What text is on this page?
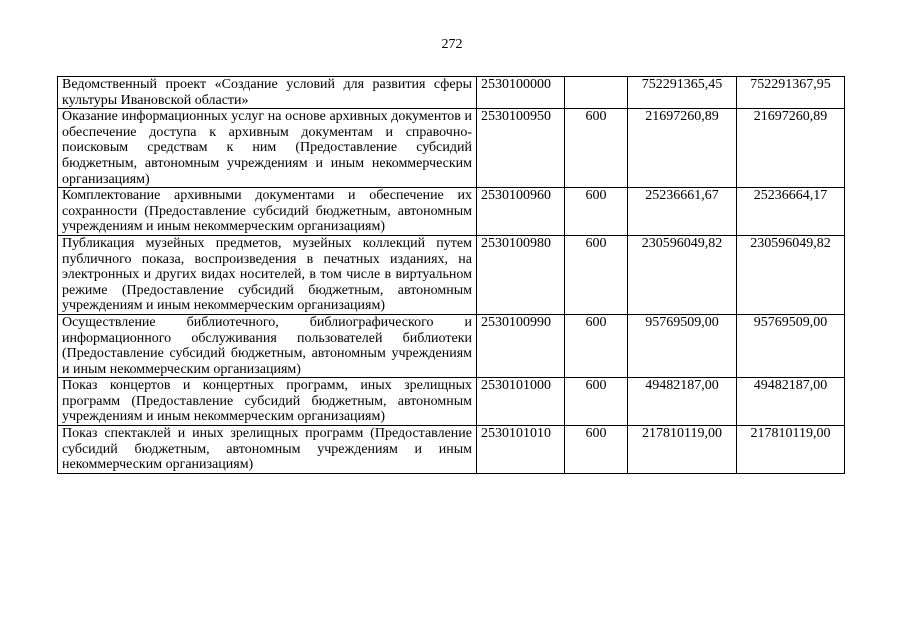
272
Ведомственный проект «Создание условий для развития сферы культуры Ивановской области»	2530100000		752291365,45	752291367,95
Оказание информационных услуг на основе архивных документов и обеспечение доступа к архивным документам и справочно-поисковым средствам к ним (Предоставление субсидий бюджетным, автономным учреждениям и иным некоммерческим организациям)	2530100950	600	21697260,89	21697260,89
Комплектование архивными документами и обеспечение их сохранности (Предоставление субсидий бюджетным, автономным учреждениям и иным некоммерческим организациям)	2530100960	600	25236661,67	25236664,17
Публикация музейных предметов, музейных коллекций путем публичного показа, воспроизведения в печатных изданиях, на электронных и других видах носителей, в том числе в виртуальном режиме (Предоставление субсидий бюджетным, автономным учреждениям и иным некоммерческим организациям)	2530100980	600	230596049,82	230596049,82
Осуществление библиотечного, библиографического и информационного обслуживания пользователей библиотеки (Предоставление субсидий бюджетным, автономным учреждениям и иным некоммерческим организациям)	2530100990	600	95769509,00	95769509,00
Показ концертов и концертных программ, иных зрелищных программ (Предоставление субсидий бюджетным, автономным учреждениям и иным некоммерческим организациям)	2530101000	600	49482187,00	49482187,00
Показ спектаклей и иных зрелищных программ (Предоставление субсидий бюджетным, автономным учреждениям и иным некоммерческим организациям)	2530101010	600	217810119,00	217810119,00
